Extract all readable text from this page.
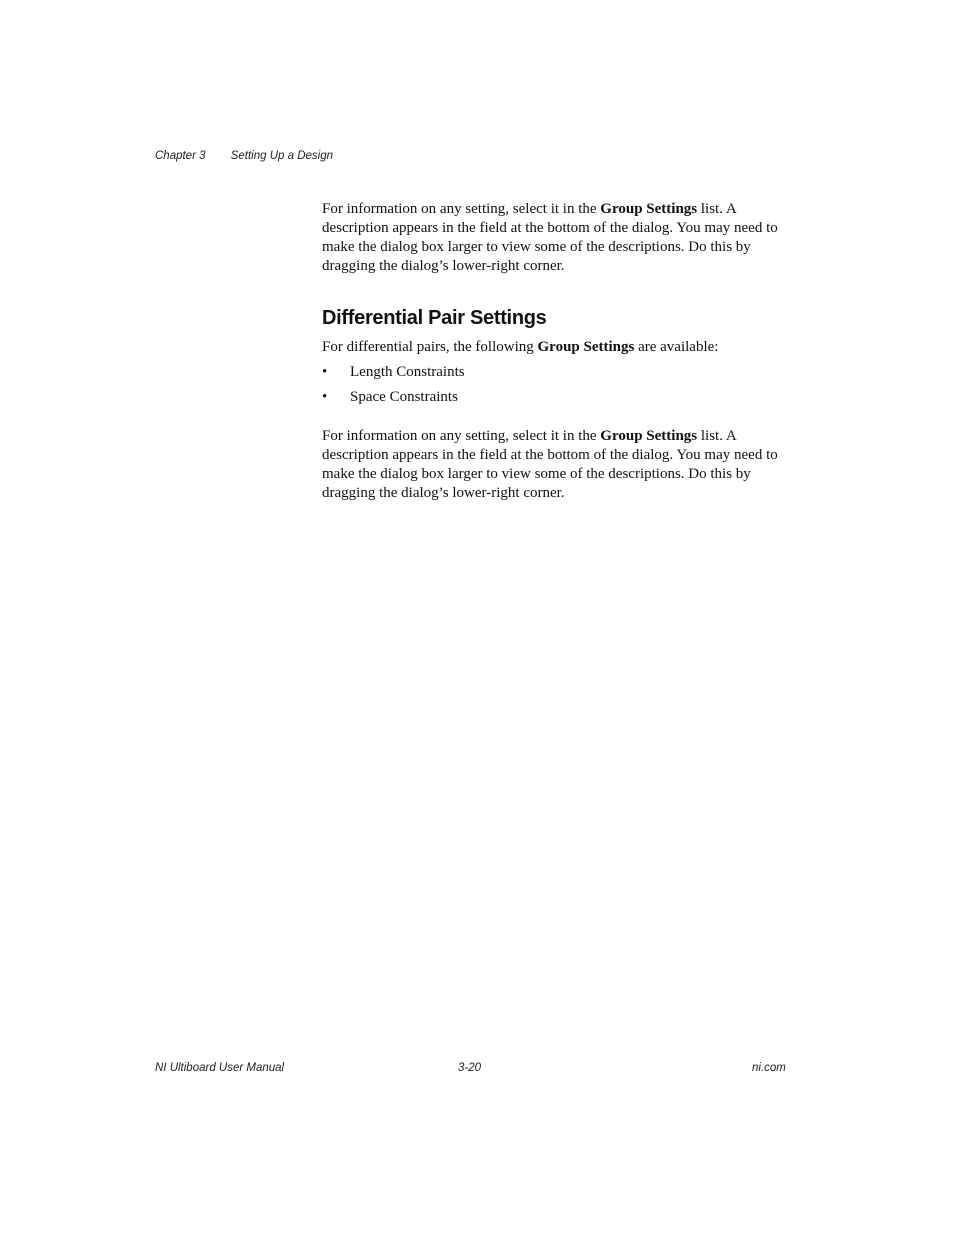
Chapter 3 Setting Up a Design

For information on any setting, select it in the Group Settings list. A description appears in the field at the bottom of the dialog. You may need to make the dialog box larger to view some of the descriptions. Do this by dragging the dialog’s lower-right corner.

Differential Pair Settings

For differential pairs, the following Group Settings are available:

• Length Constraints
• Space Constraints

For information on any setting, select it in the Group Settings list. A description appears in the field at the bottom of the dialog. You may need to make the dialog box larger to view some of the descriptions. Do this by dragging the dialog’s lower-right corner.

NI Ultiboard User Manual	3-20	ni.com
